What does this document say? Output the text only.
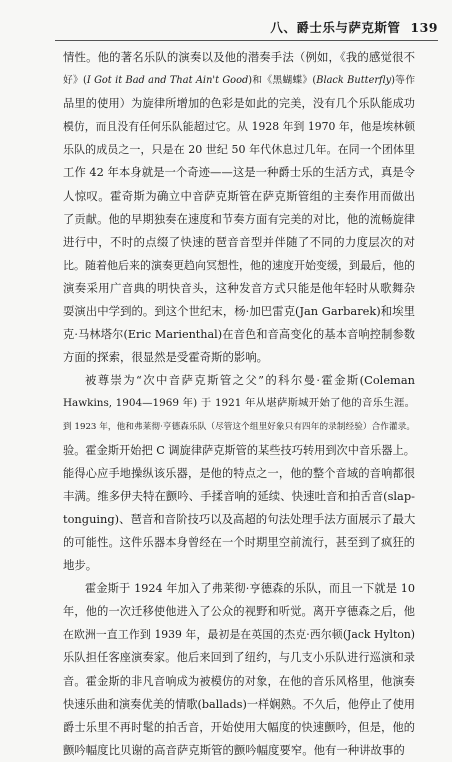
八、爵士乐与萨克斯管 139
情性。他的著名乐队的演奏以及他的潜奏手法（例如，《我的感觉很不
好》(I Got it Bad and That Ain't Good)和《黑蝴蝶》(Black Butterfly)等作
品里的使用）为旋律所增加的色彩是如此的完美，没有几个乐队能成功
模仿，而且没有任何乐队能超过它。从 1928 年到 1970 年，他是埃林顿
乐队的成员之一，只是在 20 世纪 50 年代休息过几年。在同一个团体里
工作 42 年本身就是一个奇迹——这是一种爵士乐的生活方式，真是令
人惊叹。霍奇斯为确立中音萨克斯管在萨克斯管组的主奏作用而做出
了贡献。他的早期独奏在速度和节奏方面有完美的对比，他的流畅旋律
进行中，不时的点缀了快速的琶音音型并伴随了不同的力度层次的对
比。随着他后来的演奏更趋向冥想性，他的速度开始变缓，到最后，他的
演奏采用广音典的明快音头，这种发音方式只能是他年轻时从歌舞杂
耍演出中学到的。到这个世纪末，杨·加巴雷克(Jan Garbarek)和埃里
克·马林塔尔(Eric Marienthal)在音色和音高变化的基本音响控制参数
方面的探索，很显然是受霍奇斯的影响。
被尊崇为“次中音萨克斯管之父”的科尔曼·霍金斯(Coleman
Hawkins, 1904—1969 年) 于 1921 年从堪萨斯城开始了他的音乐生涯。
到 1923 年，他和弗莱彻·亨德森乐队（尽管这个组里好象只有四年的录制经验）合作灌录。
验。霍金斯开始把 C 调旋律萨克斯管的某些技巧转用到次中音乐器上。
能得心应手地操纵该乐器，是他的特点之一，他的整个音域的音响都很
丰满。维多伊夫特在颤吟、手揉音响的延续、快速吐音和拍舌音(slap-
tonguing)、琶音和音阶技巧以及高超的句法处理手法方面展示了最大
的可能性。这件乐器本身曾经在一个时期里空前流行，甚至到了疯狂的
地步。
霍金斯于 1924 年加入了弗莱彻·亨德森的乐队，而且一下就是 10
年，他的一次迁移使他进入了公众的视野和听觉。离开亨德森之后，他
在欧洲一直工作到 1939 年，最初是在英国的杰克·西尔顿(Jack Hylton)
乐队担任客座演奏家。他后来回到了纽约，与几支小乐队进行巡演和录
音。霍金斯的非凡音响成为被模仿的对象，在他的音乐风格里，他演奏
快速乐曲和演奏优美的情歌(ballads)一样娴熟。不久后，他停止了使用
爵士乐里不再时髦的拍舌音，开始使用大幅度的快速颤吟，但是，他的
颤吟幅度比贝谢的高音萨克斯管的颤吟幅度要窄。他有一种讲故事的
